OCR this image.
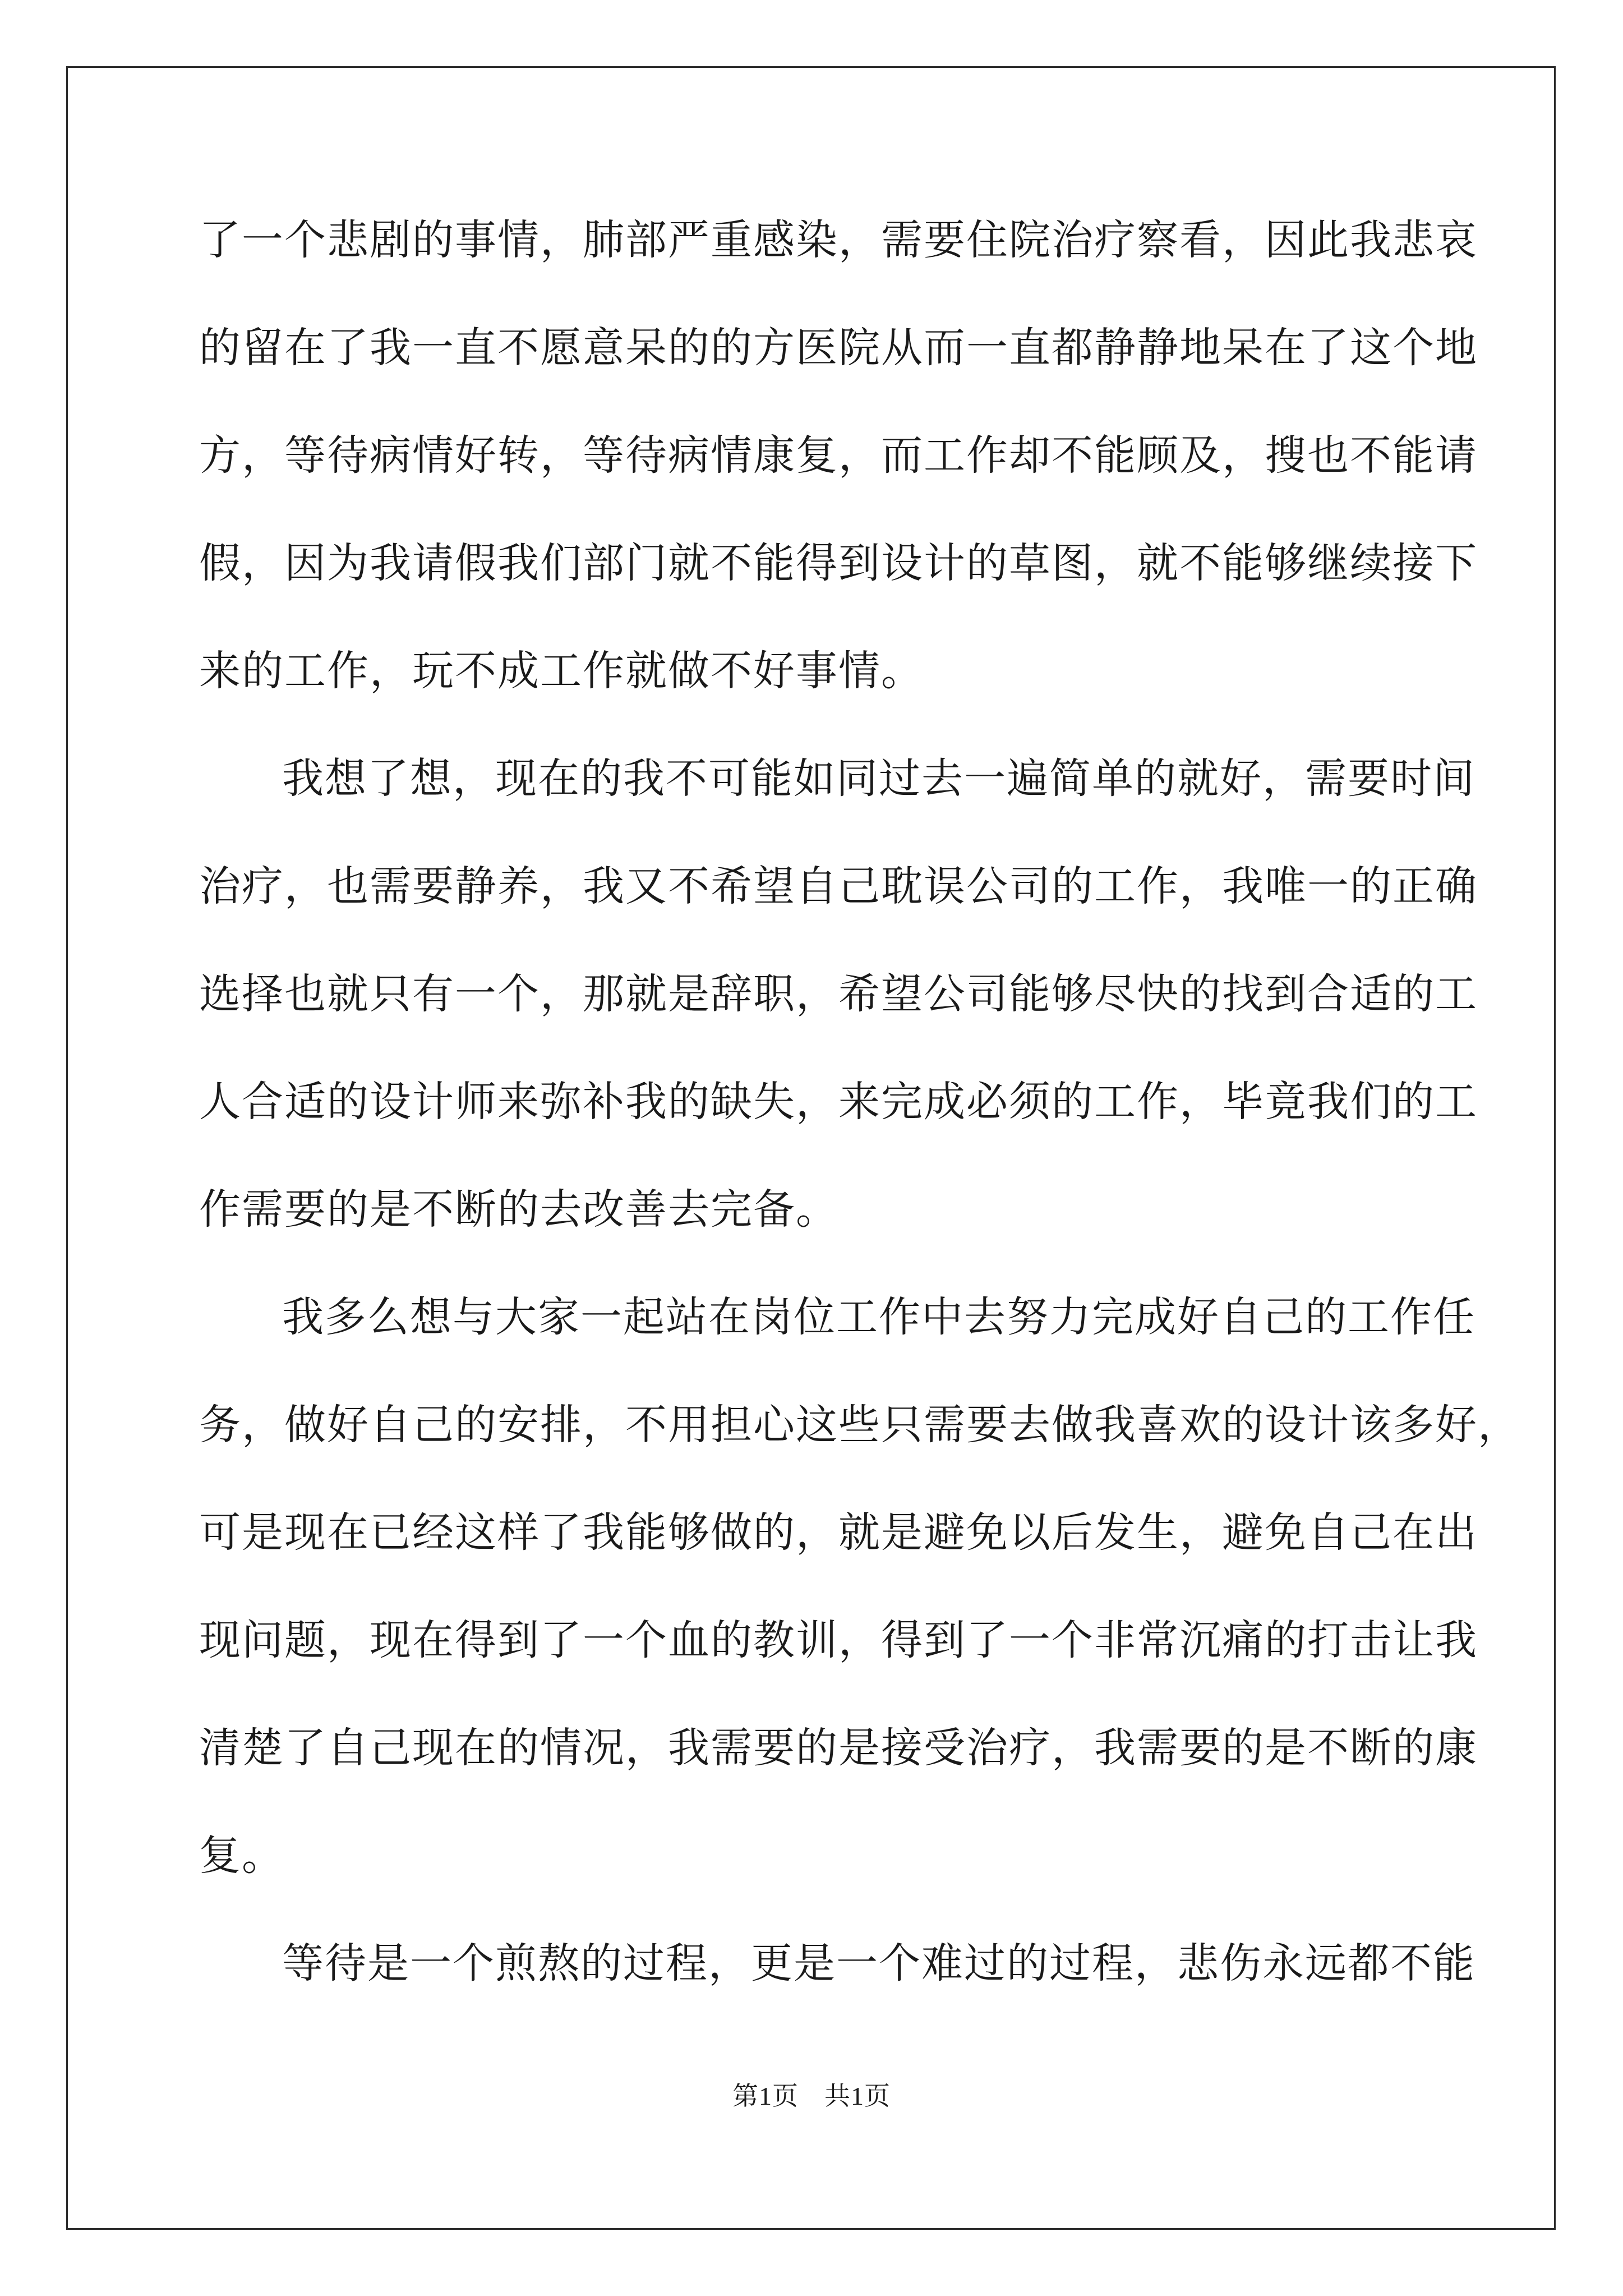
了一个悲剧的事情，肺部严重感染，需要住院治疗察看，因此我悲哀
的留在了我一直不愿意呆的的方医院从而一直都静静地呆在了这个地
方，等待病情好转，等待病情康复，而工作却不能顾及，搜也不能请
假，因为我请假我们部门就不能得到设计的草图，就不能够继续接下
来的工作，玩不成工作就做不好事情。
我想了想，现在的我不可能如同过去一遍简单的就好，需要时间
治疗，也需要静养，我又不希望自己耽误公司的工作，我唯一的正确
选择也就只有一个，那就是辞职，希望公司能够尽快的找到合适的工
人合适的设计师来弥补我的缺失，来完成必须的工作，毕竟我们的工
作需要的是不断的去改善去完备。
我多么想与大家一起站在岗位工作中去努力完成好自己的工作任
务，做好自己的安排，不用担心这些只需要去做我喜欢的设计该多好，
可是现在已经这样了我能够做的，就是避免以后发生，避免自己在出
现问题，现在得到了一个血的教训，得到了一个非常沉痛的打击让我
清楚了自己现在的情况，我需要的是接受治疗，我需要的是不断的康
复。
等待是一个煎熬的过程，更是一个难过的过程，悲伤永远都不能
第1页 共1页
